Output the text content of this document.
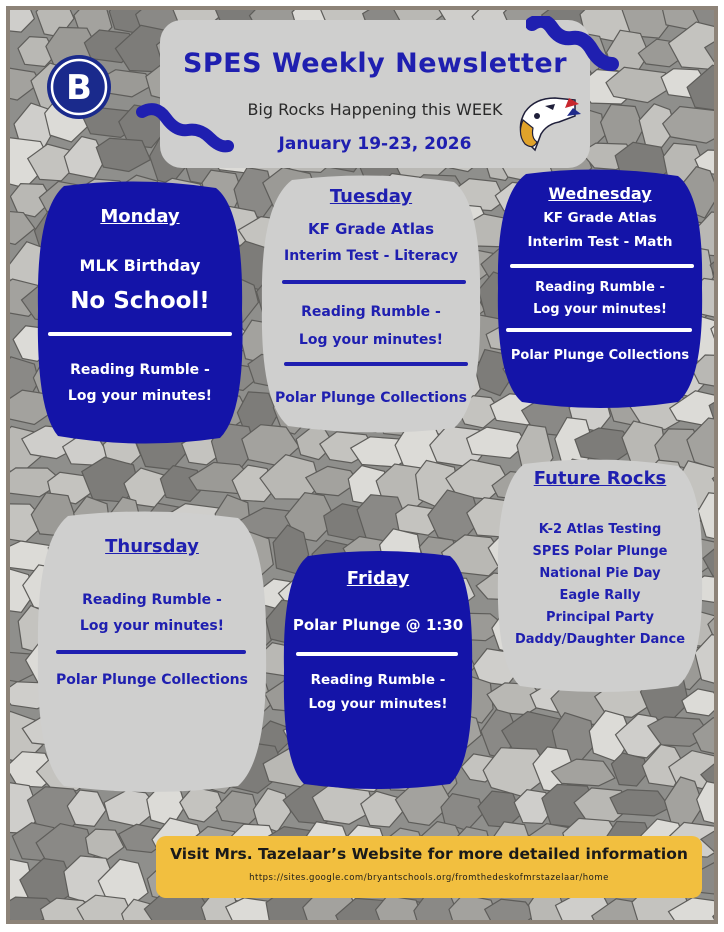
SPES Weekly Newsletter
Big Rocks Happening this WEEK
January 19-23, 2026
B
Monday
MLK Birthday
No School!
Reading Rumble -
Log your minutes!
Tuesday
KF Grade Atlas
Interim Test - Literacy
Reading Rumble -
Log your minutes!
Polar Plunge Collections
Wednesday
KF Grade Atlas
Interim Test - Math
Reading Rumble -
Log your minutes!
Polar Plunge Collections
Thursday
Reading Rumble -
Log your minutes!
Polar Plunge Collections
Friday
Polar Plunge @ 1:30
Reading Rumble -
Log your minutes!
Future Rocks
K-2 Atlas Testing
SPES Polar Plunge
National Pie Day
Eagle Rally
Principal Party
Daddy/Daughter Dance
Visit Mrs. Tazelaar’s Website for more detailed information
https://sites.google.com/bryantschools.org/fromthedeskofmrstazelaar/home
